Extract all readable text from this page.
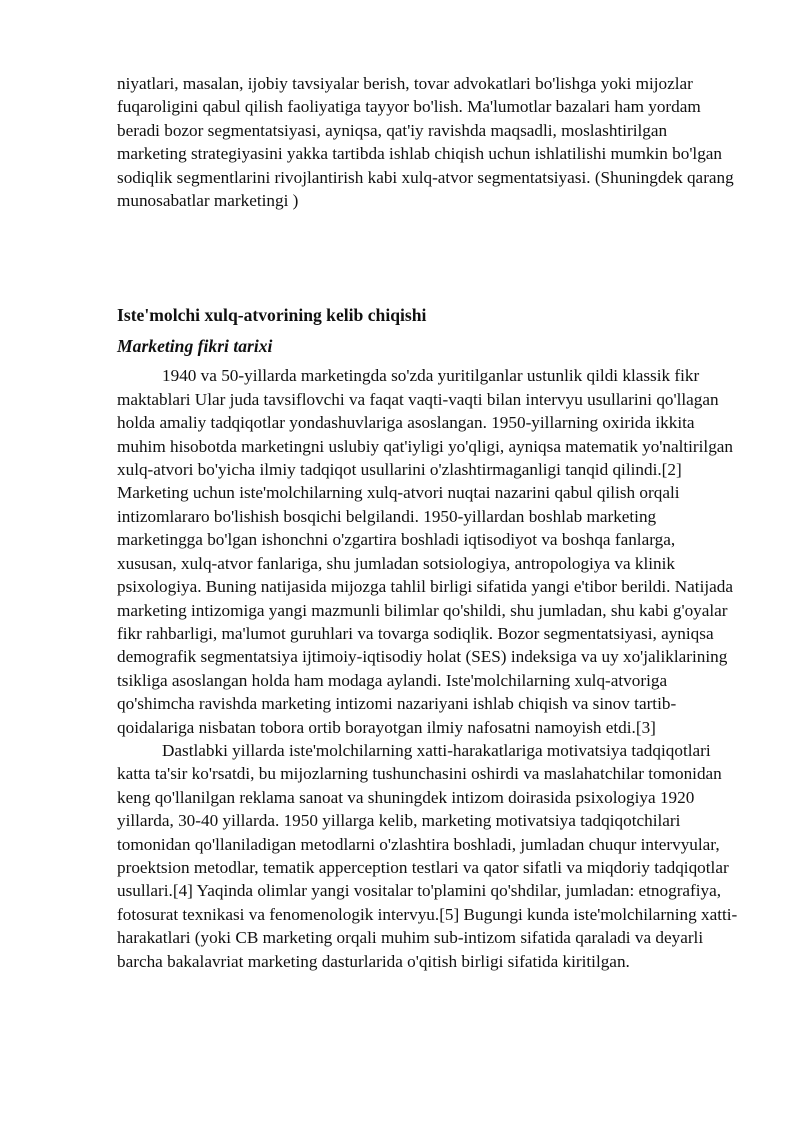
niyatlari, masalan, ijobiy tavsiyalar berish, tovar advokatlari bo'lishga yoki mijozlar fuqaroligini qabul qilish faoliyatiga tayyor bo'lish. Ma'lumotlar bazalari ham yordam beradi bozor segmentatsiyasi, ayniqsa, qat'iy ravishda maqsadli, moslashtirilgan marketing strategiyasini yakka tartibda ishlab chiqish uchun ishlatilishi mumkin bo'lgan sodiqlik segmentlarini rivojlantirish kabi xulq-atvor segmentatsiyasi. (Shuningdek qarang munosabatlar marketingi )

Iste'molchi xulq-atvorining kelib chiqishi
Marketing fikri tarixi

1940 va 50-yillarda marketingda so'zda yuritilganlar ustunlik qildi klassik fikr maktablari Ular juda tavsiflovchi va faqat vaqti-vaqti bilan intervyu usullarini qo'llagan holda amaliy tadqiqotlar yondashuvlariga asoslangan. 1950-yillarning oxirida ikkita muhim hisobotda marketingni uslubiy qat'iyligi yo'qligi, ayniqsa matematik yo'naltirilgan xulq-atvori bo'yicha ilmiy tadqiqot usullarini o'zlashtirmaganligi tanqid qilindi.[2] Marketing uchun iste'molchilarning xulq-atvori nuqtai nazarini qabul qilish orqali intizomlararo bo'lishish bosqichi belgilandi. 1950-yillardan boshlab marketing marketingga bo'lgan ishonchni o'zgartira boshladi iqtisodiyot va boshqa fanlarga, xususan, xulq-atvor fanlariga, shu jumladan sotsiologiya, antropologiya va klinik psixologiya. Buning natijasida mijozga tahlil birligi sifatida yangi e'tibor berildi. Natijada marketing intizomiga yangi mazmunli bilimlar qo'shildi, shu jumladan, shu kabi g'oyalar fikr rahbarligi, ma'lumot guruhlari va tovarga sodiqlik. Bozor segmentatsiyasi, ayniqsa demografik segmentatsiya ijtimoiy-iqtisodiy holat (SES) indeksiga va uy xo'jaliklarining tsikliga asoslangan holda ham modaga aylandi. Iste'molchilarning xulq-atvoriga qo'shimcha ravishda marketing intizomi nazariyani ishlab chiqish va sinov tartib-qoidalariga nisbatan tobora ortib borayotgan ilmiy nafosatni namoyish etdi.[3]

Dastlabki yillarda iste'molchilarning xatti-harakatlariga motivatsiya tadqiqotlari katta ta'sir ko'rsatdi, bu mijozlarning tushunchasini oshirdi va maslahatchilar tomonidan keng qo'llanilgan reklama sanoat va shuningdek intizom doirasida psixologiya 1920 yillarda, 30-40 yillarda. 1950 yillarga kelib, marketing motivatsiya tadqiqotchilari tomonidan qo'llaniladigan metodlarni o'zlashtira boshladi, jumladan chuqur intervyular, proektsion metodlar, tematik apperception testlari va qator sifatli va miqdoriy tadqiqotlar usullari.[4] Yaqinda olimlar yangi vositalar to'plamini qo'shdilar, jumladan: etnografiya, fotosurat texnikasi va fenomenologik intervyu.[5] Bugungi kunda iste'molchilarning xatti-harakatlari (yoki CB marketing orqali muhim sub-intizom sifatida qaraladi va deyarli barcha bakalavriat marketing dasturlarida o'qitish birligi sifatida kiritilgan.
